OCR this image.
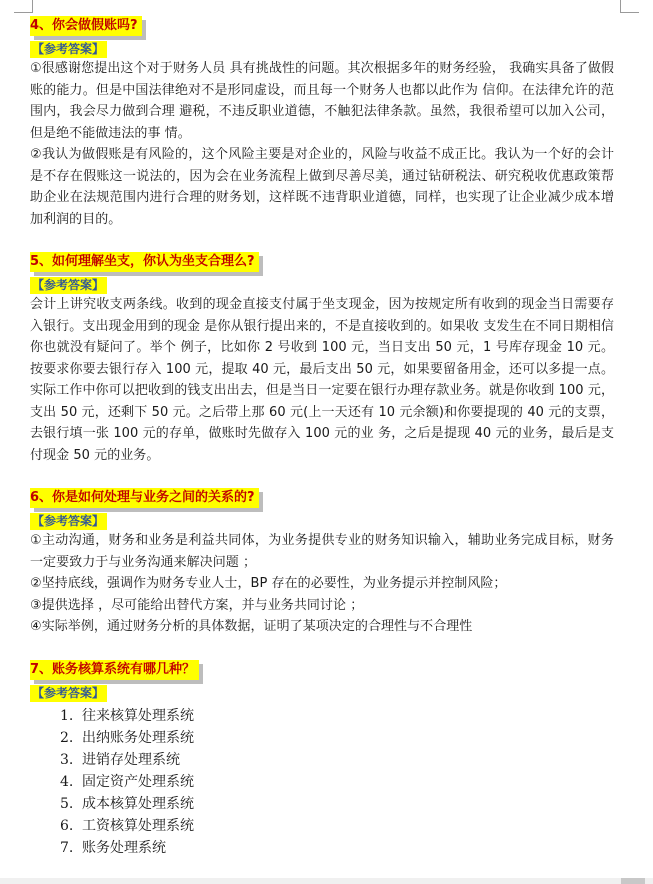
4、你会做假账吗?
【参考答案】

①很感谢您提出这个对于财务人员 具有挑战性的问题。其次根据多年的财务经验， 我确实具备了做假账的能力。但是中国法律绝对不是形同虚设，而且每一个财务人也都以此作为 信仰。在法律允许的范围内，我会尽力做到合理 避税，不违反职业道德，不触犯法律条款。虽然，我很希望可以加入公司，但是绝不能做违法的事 情。

②我认为做假账是有风险的，这个风险主要是对企业的，风险与收益不成正比。我认为一个好的会计是不存在假账这一说法的，因为会在业务流程上做到尽善尽美，通过钻研税法、研究税收优惠政策帮助企业在法规范围内进行合理的财务划，这样既不违背职业道德，同样，也实现了让企业减少成本增加利润的目的。

5、如何理解坐支，你认为坐支合理么?
【参考答案】

会计上讲究收支两条线。收到的现金直接支付属于坐支现金，因为按规定所有收到的现金当日需要存入银行。支出现金用到的现金 是你从银行提出来的，不是直接收到的。如果收 支发生在不同日期相信你也就没有疑问了。举个 例子，比如你 2 号收到 100 元，当日支出 50 元，1 号库存现金 10 元。按要求你要去银行存入 100 元，提取 40 元，最后支出 50 元，如果要留备用金，还可以多提一点。实际工作中你可以把收到的钱支出出去，但是当日一定要在银行办理存款业务。就是你收到 100 元，支出 50 元，还剩下 50 元。之后带上那 60 元(上一天还有 10 元余额)和你要提现的 40 元的支票，去银行填一张 100 元的存单，做账时先做存入 100 元的业 务，之后是提现 40 元的业务，最后是支付现金 50 元的业务。

6、你是如何处理与业务之间的关系的?
【参考答案】

①主动沟通，财务和业务是利益共同体，为业务提供专业的财务知识输入，辅助业务完成目标，财务一定要致力于与业务沟通来解决问题 ；

②坚持底线，强调作为财务专业人士，BP 存在的必要性，为业务提示并控制风险；

③提供选择 ，尽可能给出替代方案，并与业务共同讨论 ；

④实际举例，通过财务分析的具体数据，证明了某项决定的合理性与不合理性

7、账务核算系统有哪几种？
【参考答案】
1. 往来核算处理系统
2. 出纳账务处理系统
3. 进销存处理系统
4. 固定资产处理系统
5. 成本核算处理系统
6. 工资核算处理系统
7. 账务处理系统
